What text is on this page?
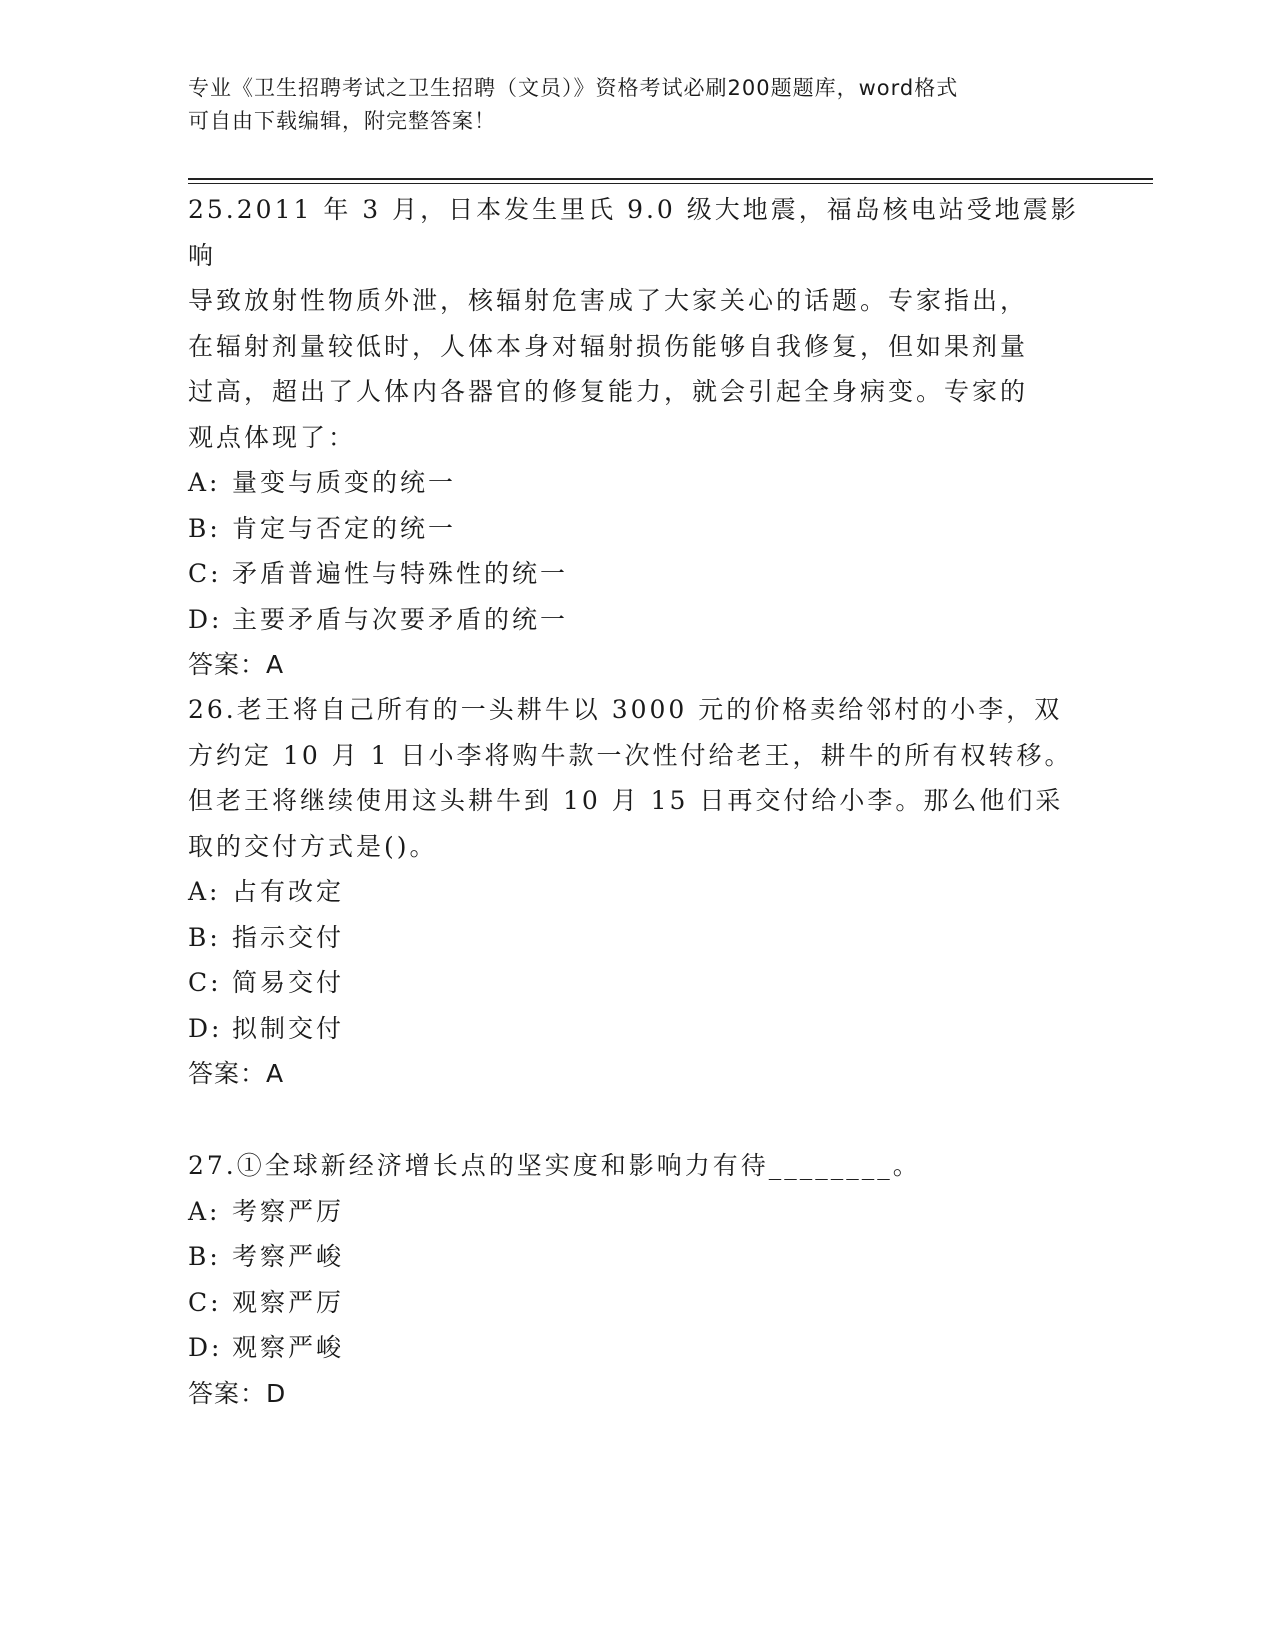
专业《卫生招聘考试之卫生招聘（文员）》资格考试必刷200题题库，word格式
可自由下载编辑，附完整答案！

25.2011 年 3 月，日本发生里氏 9.0 级大地震，福岛核电站受地震影响

导致放射性物质外泄，核辐射危害成了大家关心的话题。专家指出，

在辐射剂量较低时，人体本身对辐射损伤能够自我修复，但如果剂量

过高，超出了人体内各器官的修复能力，就会引起全身病变。专家的

观点体现了：

A: 量变与质变的统一

B: 肯定与否定的统一

C: 矛盾普遍性与特殊性的统一

D: 主要矛盾与次要矛盾的统一

答案：A

26.老王将自己所有的一头耕牛以 3000 元的价格卖给邻村的小李，双

方约定 10 月 1 日小李将购牛款一次性付给老王，耕牛的所有权转移。

但老王将继续使用这头耕牛到 10 月 15 日再交付给小李。那么他们采

取的交付方式是()。

A: 占有改定

B: 指示交付

C: 简易交付

D: 拟制交付

答案：A

27.①全球新经济增长点的坚实度和影响力有待________。

A: 考察严厉

B: 考察严峻

C: 观察严厉

D: 观察严峻

答案：D
